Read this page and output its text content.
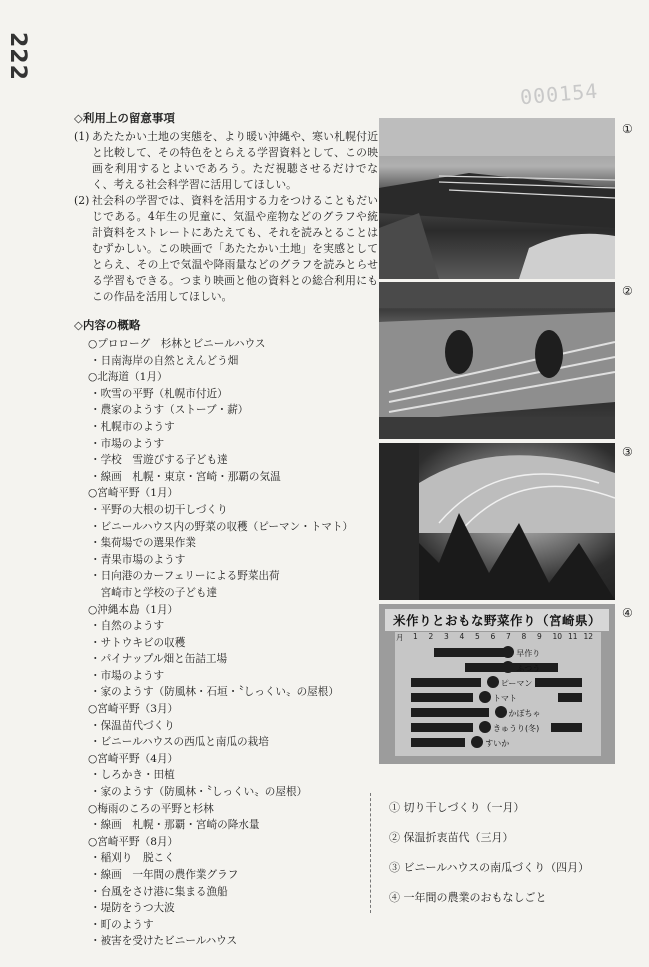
222
000154
◇利用上の留意事項
(1) あたたかい土地の実態を、より暖い沖縄や、寒い札幌付近と比較して、その特色をとらえる学習資料として、この映画を利用するとよいであろう。ただ視聴させるだけでなく、考える社会科学習に活用してほしい。
(2) 社会科の学習では、資料を活用する力をつけることもだいじである。4年生の児童に、気温や産物などのグラフや統計資料をストレートにあたえても、それを読みとることはむずかしい。この映画で「あたたかい土地」を実感としてとらえ、その上で気温や降雨量などのグラフを読みとらせる学習もできる。つまり映画と他の資料との総合利用にもこの作品を活用してほしい。
◇内容の概略
○プロローグ　杉林とビニールハウス
・日南海岸の自然とえんどう畑
○北海道（1月）
・吹雪の平野（札幌市付近）
・農家のようす（ストーブ・薪）
・札幌市のようす
・市場のようす
・学校　雪遊びする子ども達
・線画　札幌・東京・宮崎・那覇の気温
○宮崎平野（1月）
・平野の大根の切干しづくり
・ビニールハウス内の野菜の収穫（ピーマン・トマト）
・集荷場での選果作業
・青果市場のようす
・日向港のカーフェリーによる野菜出荷
　宮崎市と学校の子ども達
○沖縄本島（1月）
・自然のようす
・サトウキビの収穫
・パイナップル畑と缶詰工場
・市場のようす
・家のようす（防風林・石垣・〝しっくい〟の屋根）
○宮崎平野（3月）
・保温苗代づくり
・ビニールハウスの西瓜と南瓜の栽培
○宮崎平野（4月）
・しろかき・田植
・家のようす（防風林・〝しっくい〟の屋根）
○梅雨のころの平野と杉林
・線画　札幌・那覇・宮崎の降水量
○宮崎平野（8月）
・稲刈り　脱こく
・線画　一年間の農作業グラフ
・台風をさけ港に集まる漁船
・堤防をうつ大波
・町のようす
・被害を受けたビニールハウス
①
②
③
④
米作りとおもな野菜作り（宮崎県）
月 1 2 3 4 5 6 7 8 9 10 11 12
早作り
ふつう
ピーマン
トマト
かぼちゃ
きゅうり(冬)
すいか
① 切り干しづくり（一月）
② 保温折衷苗代（三月）
③ ビニールハウスの南瓜づくり（四月）
④ 一年間の農業のおもなしごと
